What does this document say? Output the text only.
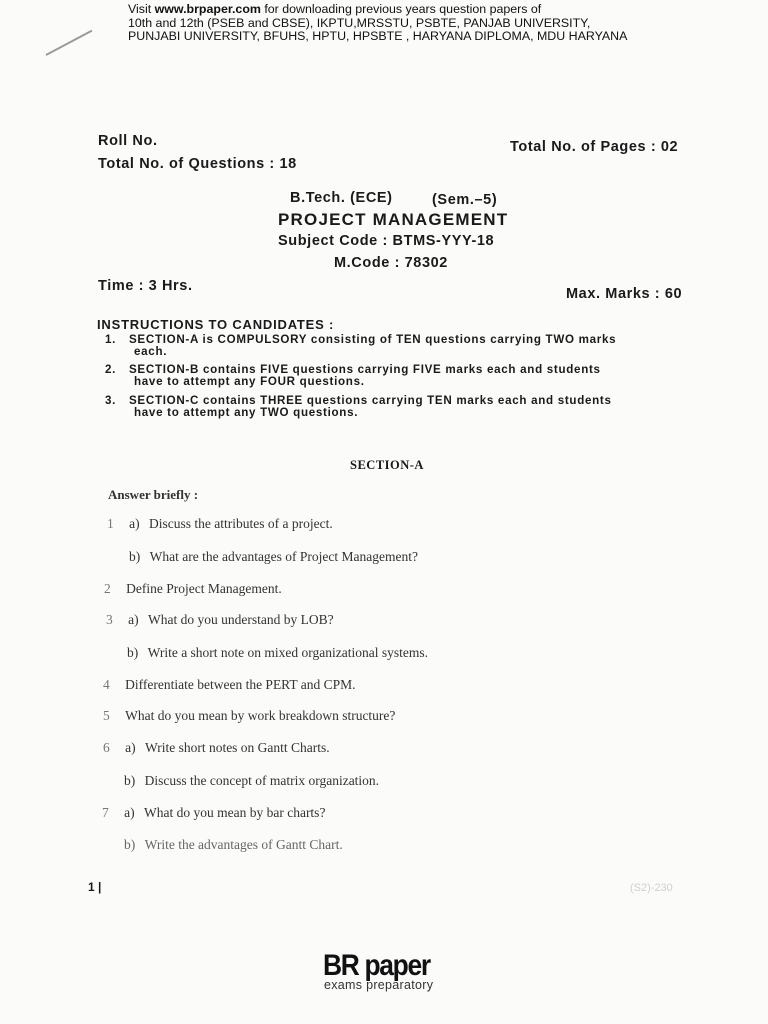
Visit www.brpaper.com for downloading previous years question papers of
10th and 12th (PSEB and CBSE), IKPTU,MRSSTU, PSBTE, PANJAB UNIVERSITY,
PUNJABI UNIVERSITY, BFUHS, HPTU, HPSBTE , HARYANA DIPLOMA, MDU HARYANA
Roll No.	Total No. of Pages : 02
Total No. of Questions : 18
B.Tech. (ECE)	(Sem.–5)
PROJECT MANAGEMENT
Subject Code : BTMS-YYY-18
M.Code : 78302
Time : 3 Hrs.	Max. Marks : 60
INSTRUCTIONS TO CANDIDATES :
1. SECTION-A is COMPULSORY consisting of TEN questions carrying TWO marks
each.
2. SECTION-B contains FIVE questions carrying FIVE marks each and students
have to attempt any FOUR questions.
3. SECTION-C contains THREE questions carrying TEN marks each and students
have to attempt any TWO questions.
SECTION-A
Answer briefly :
1 a) Discuss the attributes of a project.
b) What are the advantages of Project Management?
2 Define Project Management.
3 a) What do you understand by LOB?
b) Write a short note on mixed organizational systems.
4 Differentiate between the PERT and CPM.
5 What do you mean by work breakdown structure?
6 a) Write short notes on Gantt Charts.
b) Discuss the concept of matrix organization.
7 a) What do you mean by bar charts?
b) Write the advantages of Gantt Chart.
1 |	(S2)-230
BR paper
exams preparatory
